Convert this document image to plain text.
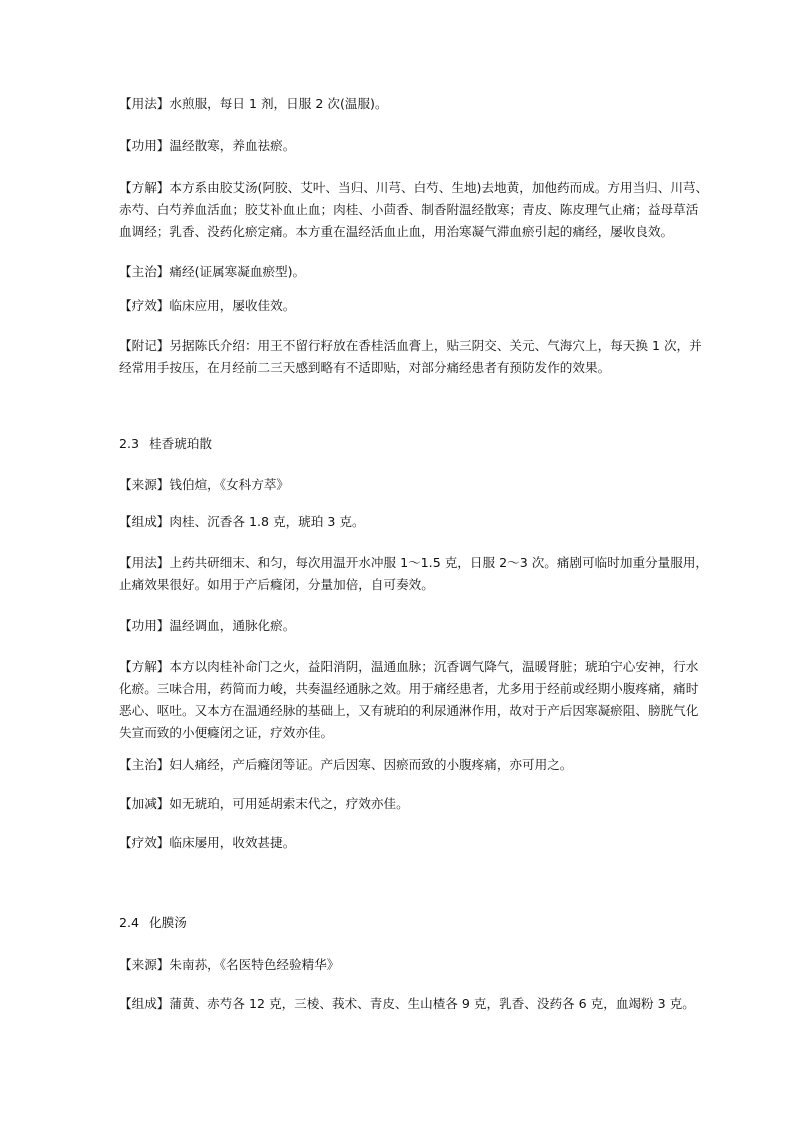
【用法】水煎服，每日 1 剂，日服 2 次(温服)。
【功用】温经散寒，养血祛瘀。
【方解】本方系由胶艾汤(阿胶、艾叶、当归、川芎、白芍、生地)去地黄，加他药而成。方用当归、川芎、
赤芍、白芍养血活血；胶艾补血止血；肉桂、小茴香、制香附温经散寒；青皮、陈皮理气止痛；益母草活
血调经；乳香、没药化瘀定痛。本方重在温经活血止血，用治寒凝气滞血瘀引起的痛经，屡收良效。
【主治】痛经(证属寒凝血瘀型)。
【疗效】临床应用，屡收佳效。
【附记】另据陈氏介绍：用王不留行籽放在香桂活血膏上，贴三阴交、关元、气海穴上，每天换 1 次，并
经常用手按压，在月经前二三天感到略有不适即贴，对部分痛经患者有预防发作的效果。
2.3 桂香琥珀散
【来源】钱伯煊，《女科方萃》
【组成】肉桂、沉香各 1.8 克，琥珀 3 克。
【用法】上药共研细末、和匀，每次用温开水冲服 1～1.5 克，日服 2～3 次。痛剧可临时加重分量服用，
止痛效果很好。如用于产后癃闭，分量加倍，自可奏效。
【功用】温经调血，通脉化瘀。
【方解】本方以肉桂补命门之火，益阳消阴，温通血脉；沉香调气降气，温暖肾脏；琥珀宁心安神，行水
化瘀。三味合用，药简而力峻，共奏温经通脉之效。用于痛经患者，尤多用于经前或经期小腹疼痛，痛时
恶心、呕吐。又本方在温通经脉的基础上，又有琥珀的利尿通淋作用，故对于产后因寒凝瘀阻、膀胱气化
失宣而致的小便癃闭之证，疗效亦佳。
【主治】妇人痛经，产后癃闭等证。产后因寒、因瘀而致的小腹疼痛，亦可用之。
【加减】如无琥珀，可用延胡索末代之，疗效亦佳。
【疗效】临床屡用，收效甚捷。
2.4 化膜汤
【来源】朱南荪，《名医特色经验精华》
【组成】蒲黄、赤芍各 12 克，三棱、莪术、青皮、生山楂各 9 克，乳香、没药各 6 克，血竭粉 3 克。
